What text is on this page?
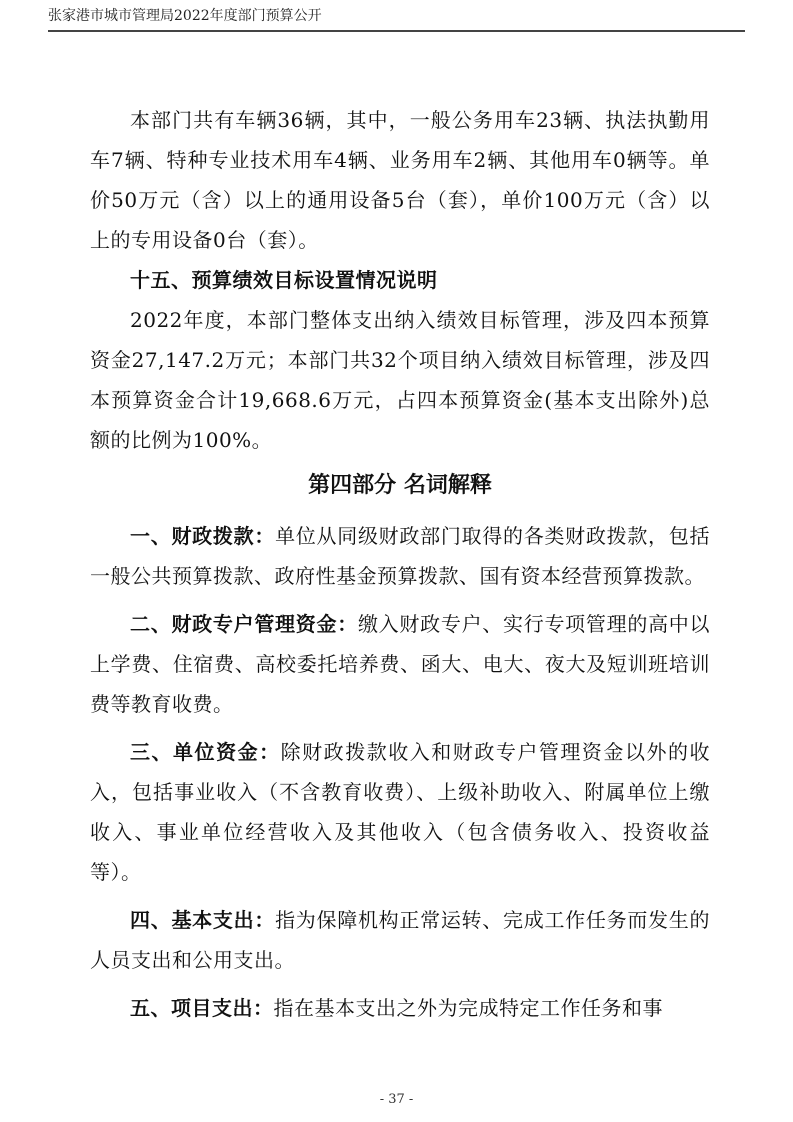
张家港市城市管理局2022年度部门预算公开

本部门共有车辆36辆，其中，一般公务用车23辆、执法执勤用车7辆、特种专业技术用车4辆、业务用车2辆、其他用车0辆等。单价50万元（含）以上的通用设备5台（套），单价100万元（含）以上的专用设备0台（套）。

十五、预算绩效目标设置情况说明

2022年度，本部门整体支出纳入绩效目标管理，涉及四本预算资金27,147.2万元；本部门共32个项目纳入绩效目标管理，涉及四本预算资金合计19,668.6万元，占四本预算资金(基本支出除外)总额的比例为100%。

第四部分 名词解释

一、财政拨款：单位从同级财政部门取得的各类财政拨款，包括一般公共预算拨款、政府性基金预算拨款、国有资本经营预算拨款。

二、财政专户管理资金：缴入财政专户、实行专项管理的高中以上学费、住宿费、高校委托培养费、函大、电大、夜大及短训班培训费等教育收费。

三、单位资金：除财政拨款收入和财政专户管理资金以外的收入，包括事业收入（不含教育收费）、上级补助收入、附属单位上缴收入、事业单位经营收入及其他收入（包含债务收入、投资收益等）。

四、基本支出：指为保障机构正常运转、完成工作任务而发生的人员支出和公用支出。

五、项目支出：指在基本支出之外为完成特定工作任务和事

- 37 -
